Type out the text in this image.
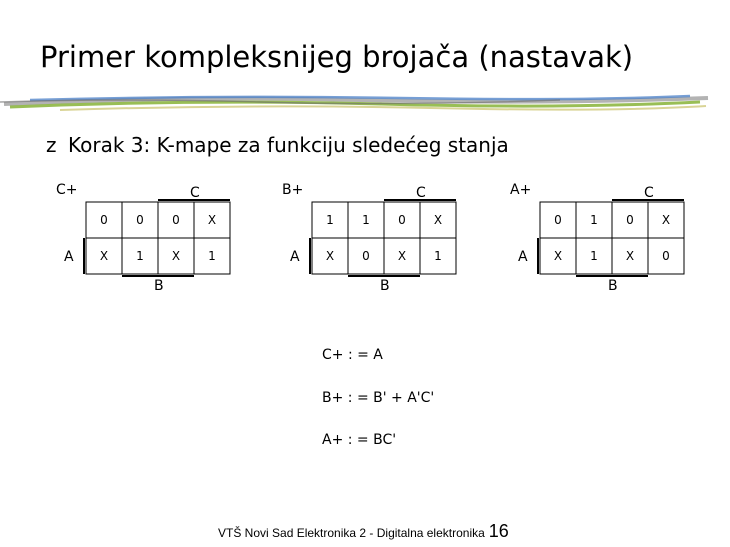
Primer kompleksnijeg brojača (nastavak)
z Korak 3: K-mape za funkciju sledećeg stanja
C+	C
A
B
0	0	0	X
X	1	X	1
B+	C
A
B
1	1	0	X
X	0	X	1
A+	C
A
B
0	1	0	X
X	1	X	0
C+ : = A
B+ : = B' + A'C'
A+ : = BC'
VTŠ Novi Sad Elektronika 2 - Digitalna elektronika 16
